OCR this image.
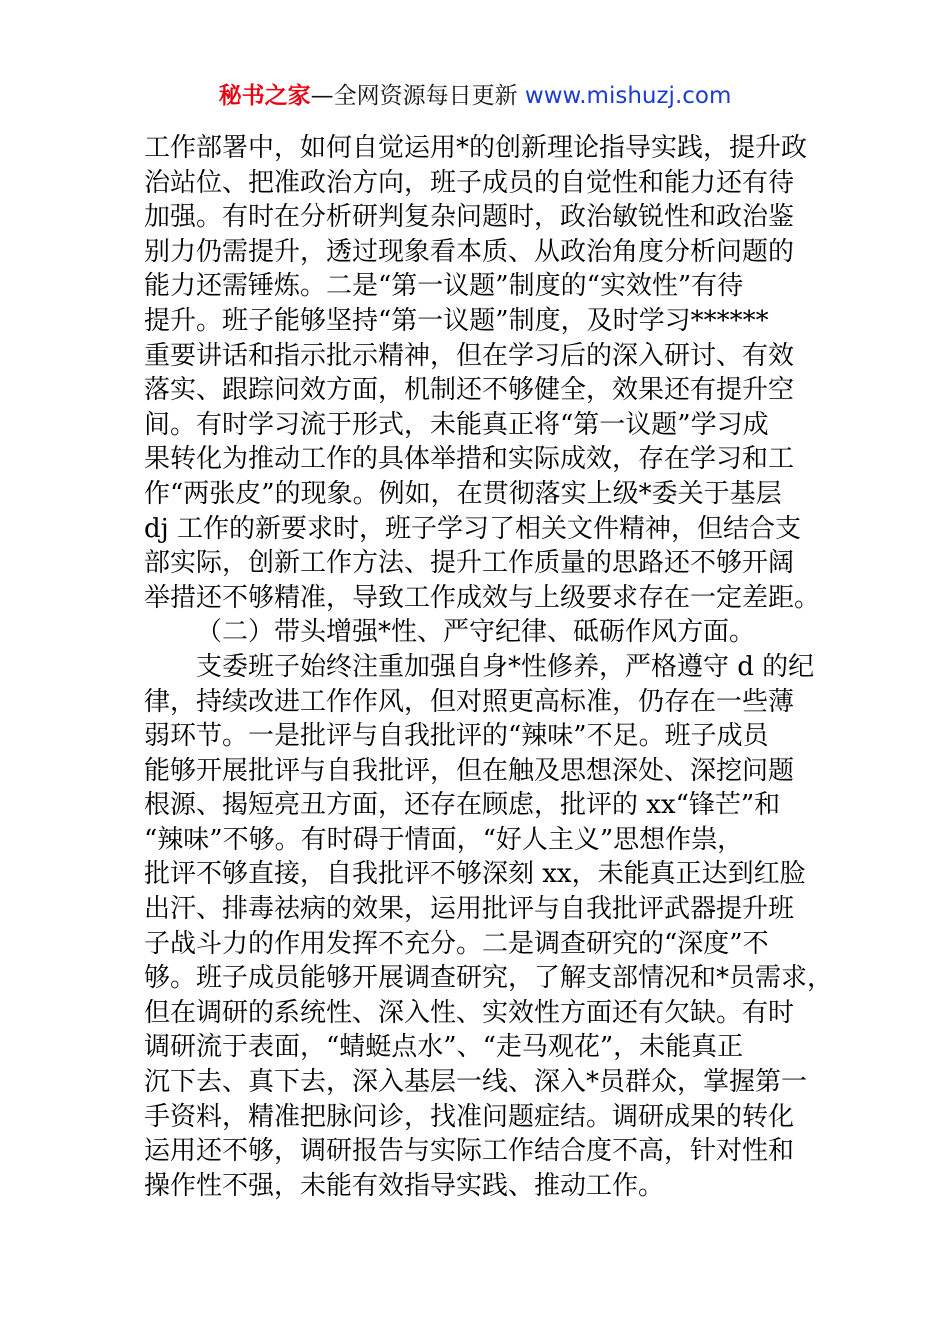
秘书之家—全网资源每日更新 www.mishuzj.com
工作部署中，如何自觉运用*的创新理论指导实践，提升政
治站位、把准政治方向，班子成员的自觉性和能力还有待
加强。有时在分析研判复杂问题时，政治敏锐性和政治鉴
别力仍需提升，透过现象看本质、从政治角度分析问题的
能力还需锤炼。二是“第一议题”制度的“实效性”有待
提升。班子能够坚持“第一议题”制度，及时学习******
重要讲话和指示批示精神，但在学习后的深入研讨、有效
落实、跟踪问效方面，机制还不够健全，效果还有提升空
间。有时学习流于形式，未能真正将“第一议题”学习成
果转化为推动工作的具体举措和实际成效，存在学习和工
作“两张皮”的现象。例如，在贯彻落实上级*委关于基层
dj 工作的新要求时，班子学习了相关文件精神，但结合支
部实际，创新工作方法、提升工作质量的思路还不够开阔
举措还不够精准，导致工作成效与上级要求存在一定差距。
（二）带头增强*性、严守纪律、砥砺作风方面。
支委班子始终注重加强自身*性修养，严格遵守 d 的纪
律，持续改进工作作风，但对照更高标准，仍存在一些薄
弱环节。一是批评与自我批评的“辣味”不足。班子成员
能够开展批评与自我批评，但在触及思想深处、深挖问题
根源、揭短亮丑方面，还存在顾虑，批评的 xx“锋芒”和
“辣味”不够。有时碍于情面，“好人主义”思想作祟，
批评不够直接，自我批评不够深刻 xx，未能真正达到红脸
出汗、排毒祛病的效果，运用批评与自我批评武器提升班
子战斗力的作用发挥不充分。二是调查研究的“深度”不
够。班子成员能够开展调查研究，了解支部情况和*员需求，
但在调研的系统性、深入性、实效性方面还有欠缺。有时
调研流于表面，“蜻蜓点水”、“走马观花”，未能真正
沉下去、真下去，深入基层一线、深入*员群众，掌握第一
手资料，精准把脉问诊，找准问题症结。调研成果的转化
运用还不够，调研报告与实际工作结合度不高，针对性和
操作性不强，未能有效指导实践、推动工作。
